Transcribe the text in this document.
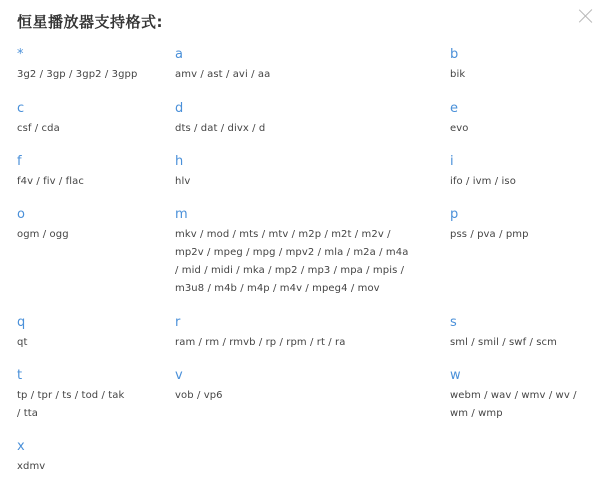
恒星播放器支持格式:
*
3g2 / 3gp / 3gp2 / 3gpp
a
amv / ast / avi / aa
b
bik
c
csf / cda
d
dts / dat / divx / d
e
evo
f
f4v / fiv / flac
h
hlv
i
ifo / ivm / iso
o
ogm / ogg
m
mkv / mod / mts / mtv / m2p / m2t / m2v / mp2v / mpeg / mpg / mpv2 / mla / m2a / m4a / mid / midi / mka / mp2 / mp3 / mpa / mpis / m3u8 / m4b / m4p / m4v / mpeg4 / mov
p
pss / pva / pmp
q
qt
r
ram / rm / rmvb / rp / rpm / rt / ra
s
sml / smil / swf / scm
t
tp / tpr / ts / tod / tak / tta
v
vob / vp6
w
webm / wav / wmv / wv / wm / wmp
x
xdmv
